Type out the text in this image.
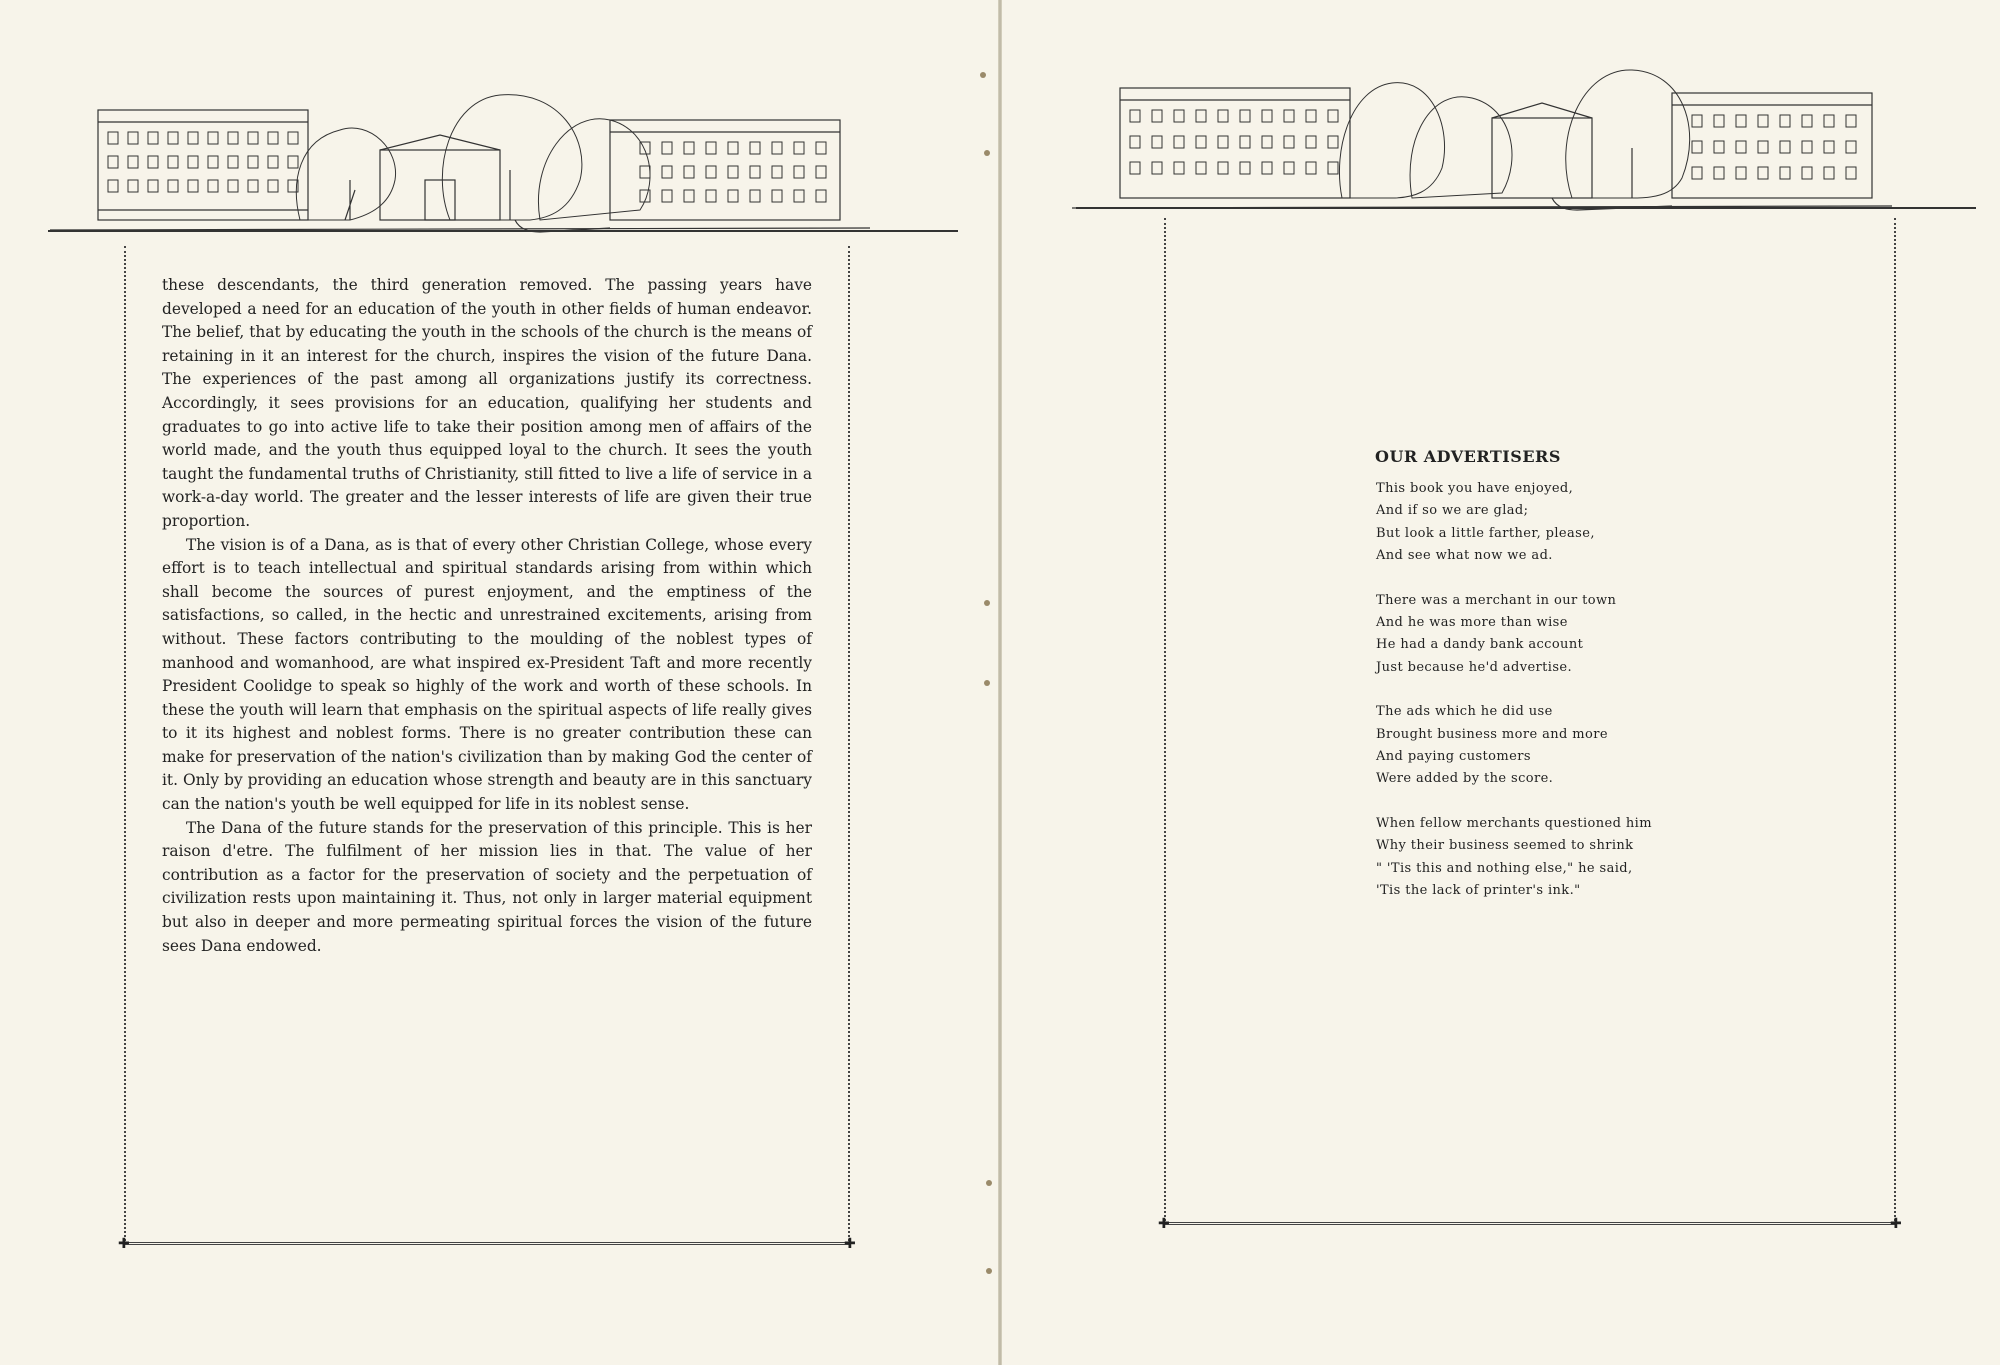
✚	✚

these descendants, the third generation removed. The passing years have developed a need for an education of the youth in other fields of human endeavor. The belief, that by educating the youth in the schools of the church is the means of retaining in it an interest for the church, inspires the vision of the future Dana. The experiences of the past among all organizations justify its correctness. Accordingly, it sees provisions for an education, qualifying her students and graduates to go into active life to take their position among men of affairs of the world made, and the youth thus equipped loyal to the church. It sees the youth taught the fundamental truths of Christianity, still fitted to live a life of service in a work-a-day world. The greater and the lesser interests of life are given their true proportion.

The vision is of a Dana, as is that of every other Christian College, whose every effort is to teach intellectual and spiritual standards arising from within which shall become the sources of purest enjoyment, and the emptiness of the satisfactions, so called, in the hectic and unrestrained excitements, arising from without. These factors contributing to the moulding of the noblest types of manhood and womanhood, are what inspired ex-President Taft and more recently President Coolidge to speak so highly of the work and worth of these schools. In these the youth will learn that emphasis on the spiritual aspects of life really gives to it its highest and noblest forms. There is no greater contribution these can make for preservation of the nation's civilization than by making God the center of it. Only by providing an education whose strength and beauty are in this sanctuary can the nation's youth be well equipped for life in its noblest sense.

The Dana of the future stands for the preservation of this principle. This is her raison d'etre. The fulfilment of her mission lies in that. The value of her contribution as a factor for the preservation of society and the perpetuation of civilization rests upon maintaining it. Thus, not only in larger material equipment but also in deeper and more permeating spiritual forces the vision of the future sees Dana endowed.

✚	✚
OUR ADVERTISERS
This book you have enjoyed,
And if so we are glad;
But look a little farther, please,
And see what now we ad.
There was a merchant in our town
And he was more than wise
He had a dandy bank account
Just because he'd advertise.
The ads which he did use
Brought business more and more
And paying customers
Were added by the score.
When fellow merchants questioned him
Why their business seemed to shrink
" 'Tis this and nothing else," he said,
'Tis the lack of printer's ink."
